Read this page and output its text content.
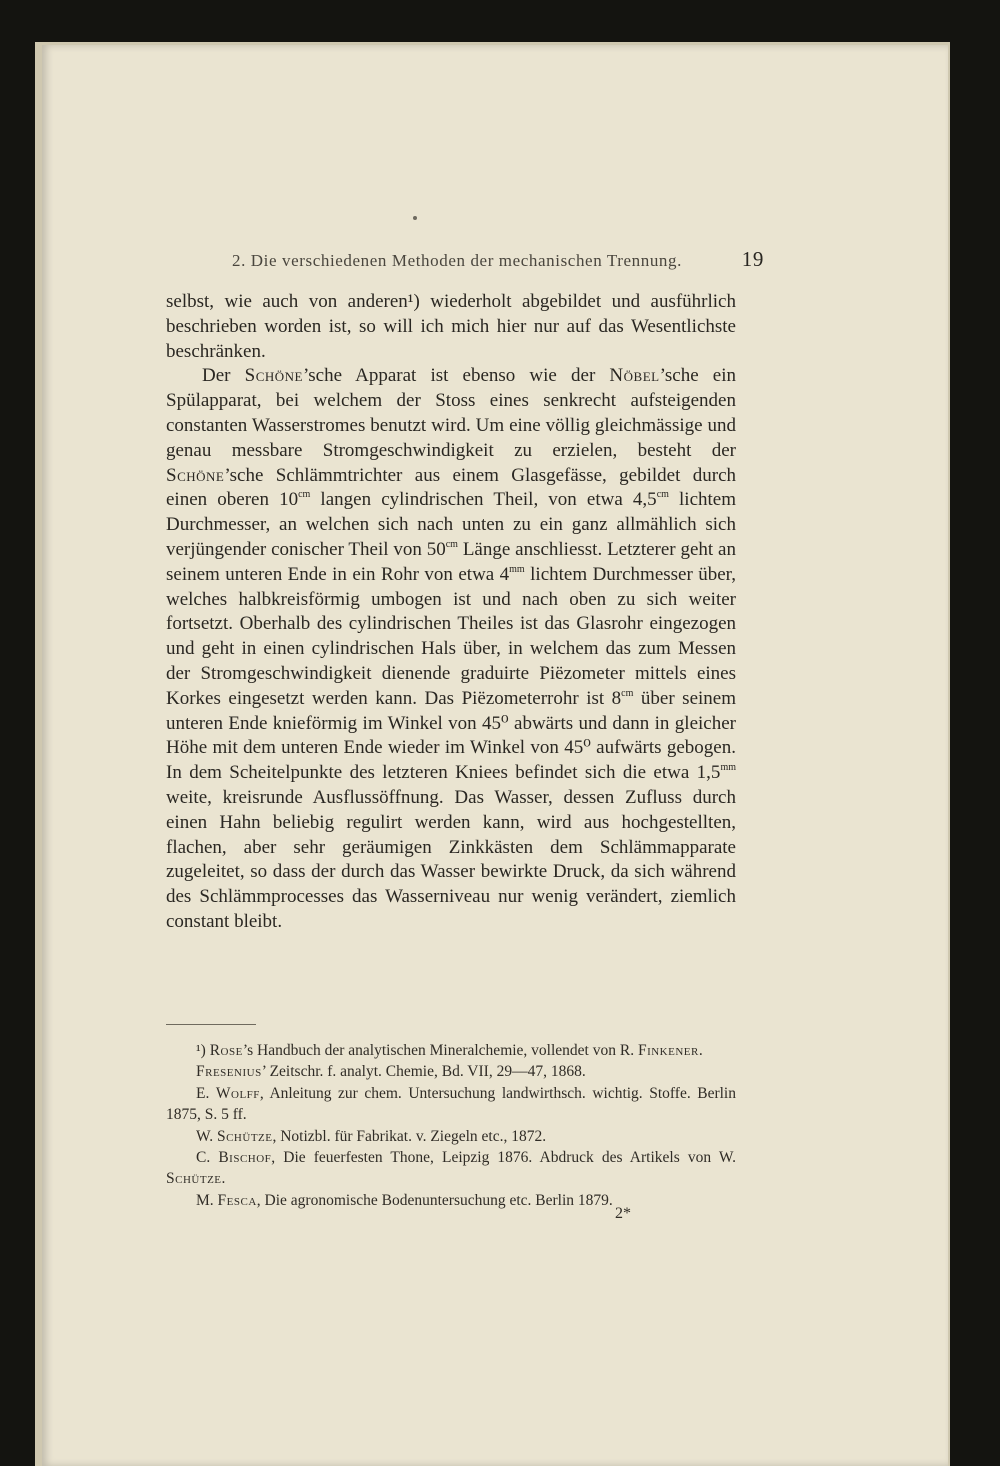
2. Die verschiedenen Methoden der mechanischen Trennung.	19

selbst, wie auch von anderen¹) wiederholt abgebildet und ausführlich beschrieben worden ist, so will ich mich hier nur auf das Wesentlichste beschränken.

Der Schöne’sche Apparat ist ebenso wie der Nöbel’sche ein Spülapparat, bei welchem der Stoss eines senkrecht aufsteigenden constanten Wasserstromes benutzt wird. Um eine völlig gleichmässige und genau messbare Stromgeschwindigkeit zu erzielen, besteht der Schöne’sche Schlämmtrichter aus einem Glasgefässe, gebildet durch einen oberen $10^{cm}$ langen cylindrischen Theil, von etwa $4,5^{cm}$ lichtem Durchmesser, an welchen sich nach unten zu ein ganz allmählich sich verjüngender conischer Theil von $50^{cm}$ Länge anschliesst. Letzterer geht an seinem unteren Ende in ein Rohr von etwa $4^{mm}$ lichtem Durchmesser über, welches halbkreisförmig umbogen ist und nach oben zu sich weiter fortsetzt. Oberhalb des cylindrischen Theiles ist das Glasrohr eingezogen und geht in einen cylindrischen Hals über, in welchem das zum Messen der Stromgeschwindigkeit dienende graduirte Piëzometer mittels eines Korkes eingesetzt werden kann. Das Piëzometerrohr ist $8^{cm}$ über seinem unteren Ende knieförmig im Winkel von 45⁰ abwärts und dann in gleicher Höhe mit dem unteren Ende wieder im Winkel von 45⁰ aufwärts gebogen. In dem Scheitelpunkte des letzteren Kniees befindet sich die etwa $1,5^{mm}$ weite, kreisrunde Ausflussöffnung. Das Wasser, dessen Zufluss durch einen Hahn beliebig regulirt werden kann, wird aus hochgestellten, flachen, aber sehr geräumigen Zinkkästen dem Schlämmapparate zugeleitet, so dass der durch das Wasser bewirkte Druck, da sich während des Schlämmprocesses das Wasserniveau nur wenig verändert, ziemlich constant bleibt.

¹) Rose’s Handbuch der analytischen Mineralchemie, vollendet von R. Finkener.

Fresenius’ Zeitschr. f. analyt. Chemie, Bd. VII, 29—47, 1868.

E. Wolff, Anleitung zur chem. Untersuchung landwirthsch. wichtig. Stoffe. Berlin 1875, S. 5 ff.

W. Schütze, Notizbl. für Fabrikat. v. Ziegeln etc., 1872.

C. Bischof, Die feuerfesten Thone, Leipzig 1876. Abdruck des Artikels von W. Schütze.

M. Fesca, Die agronomische Bodenuntersuchung etc. Berlin 1879.

2*
